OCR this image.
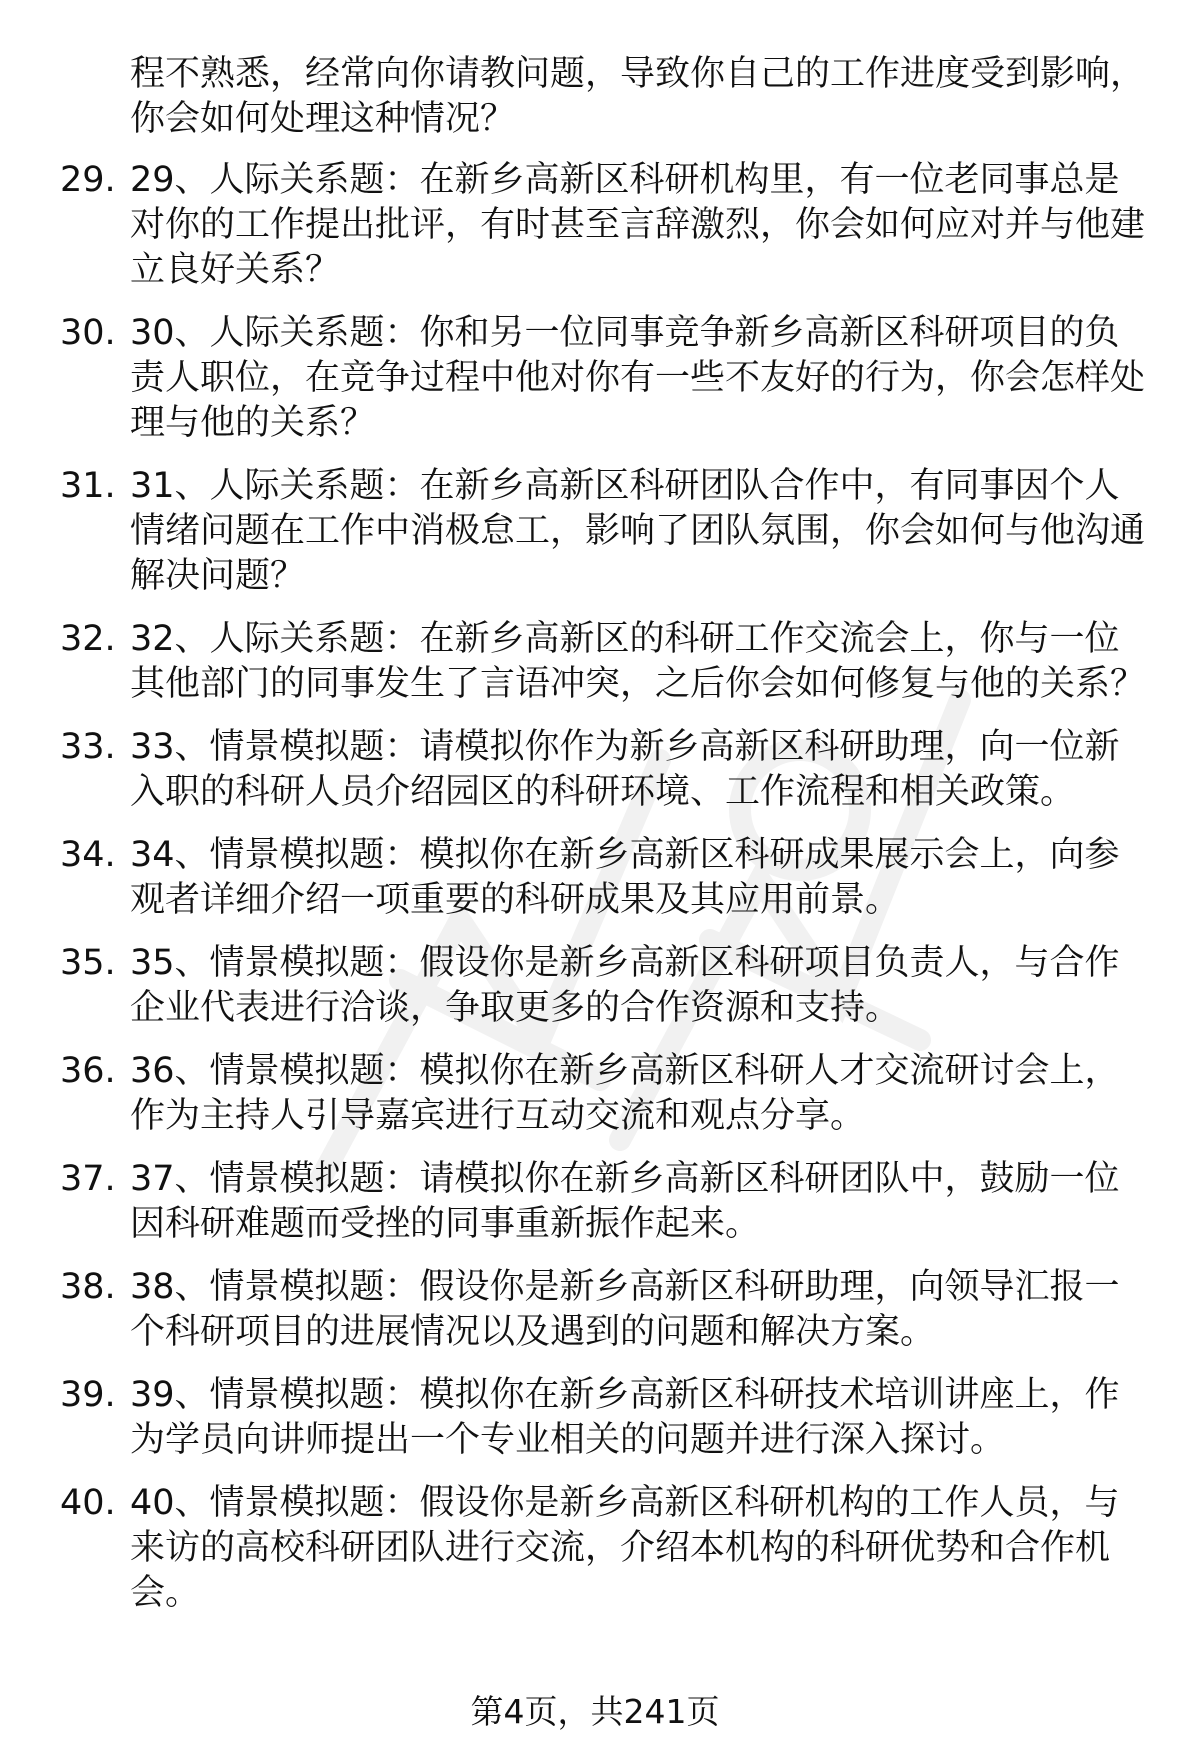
程不熟悉，经常向你请教问题，导致你自己的工作进度受到影响，你会如何处理这种情况？

29. 29、人际关系题：在新乡高新区科研机构里，有一位老同事总是对你的工作提出批评，有时甚至言辞激烈，你会如何应对并与他建立良好关系？
30. 30、人际关系题：你和另一位同事竞争新乡高新区科研项目的负责人职位，在竞争过程中他对你有一些不友好的行为，你会怎样处理与他的关系？
31. 31、人际关系题：在新乡高新区科研团队合作中，有同事因个人情绪问题在工作中消极怠工，影响了团队氛围，你会如何与他沟通解决问题？
32. 32、人际关系题：在新乡高新区的科研工作交流会上，你与一位其他部门的同事发生了言语冲突，之后你会如何修复与他的关系？
33. 33、情景模拟题：请模拟你作为新乡高新区科研助理，向一位新入职的科研人员介绍园区的科研环境、工作流程和相关政策。
34. 34、情景模拟题：模拟你在新乡高新区科研成果展示会上，向参观者详细介绍一项重要的科研成果及其应用前景。
35. 35、情景模拟题：假设你是新乡高新区科研项目负责人，与合作企业代表进行洽谈，争取更多的合作资源和支持。
36. 36、情景模拟题：模拟你在新乡高新区科研人才交流研讨会上，作为主持人引导嘉宾进行互动交流和观点分享。
37. 37、情景模拟题：请模拟你在新乡高新区科研团队中，鼓励一位因科研难题而受挫的同事重新振作起来。
38. 38、情景模拟题：假设你是新乡高新区科研助理，向领导汇报一个科研项目的进展情况以及遇到的问题和解决方案。
39. 39、情景模拟题：模拟你在新乡高新区科研技术培训讲座上，作为学员向讲师提出一个专业相关的问题并进行深入探讨。
40. 40、情景模拟题：假设你是新乡高新区科研机构的工作人员，与来访的高校科研团队进行交流，介绍本机构的科研优势和合作机会。
第4页，共241页
